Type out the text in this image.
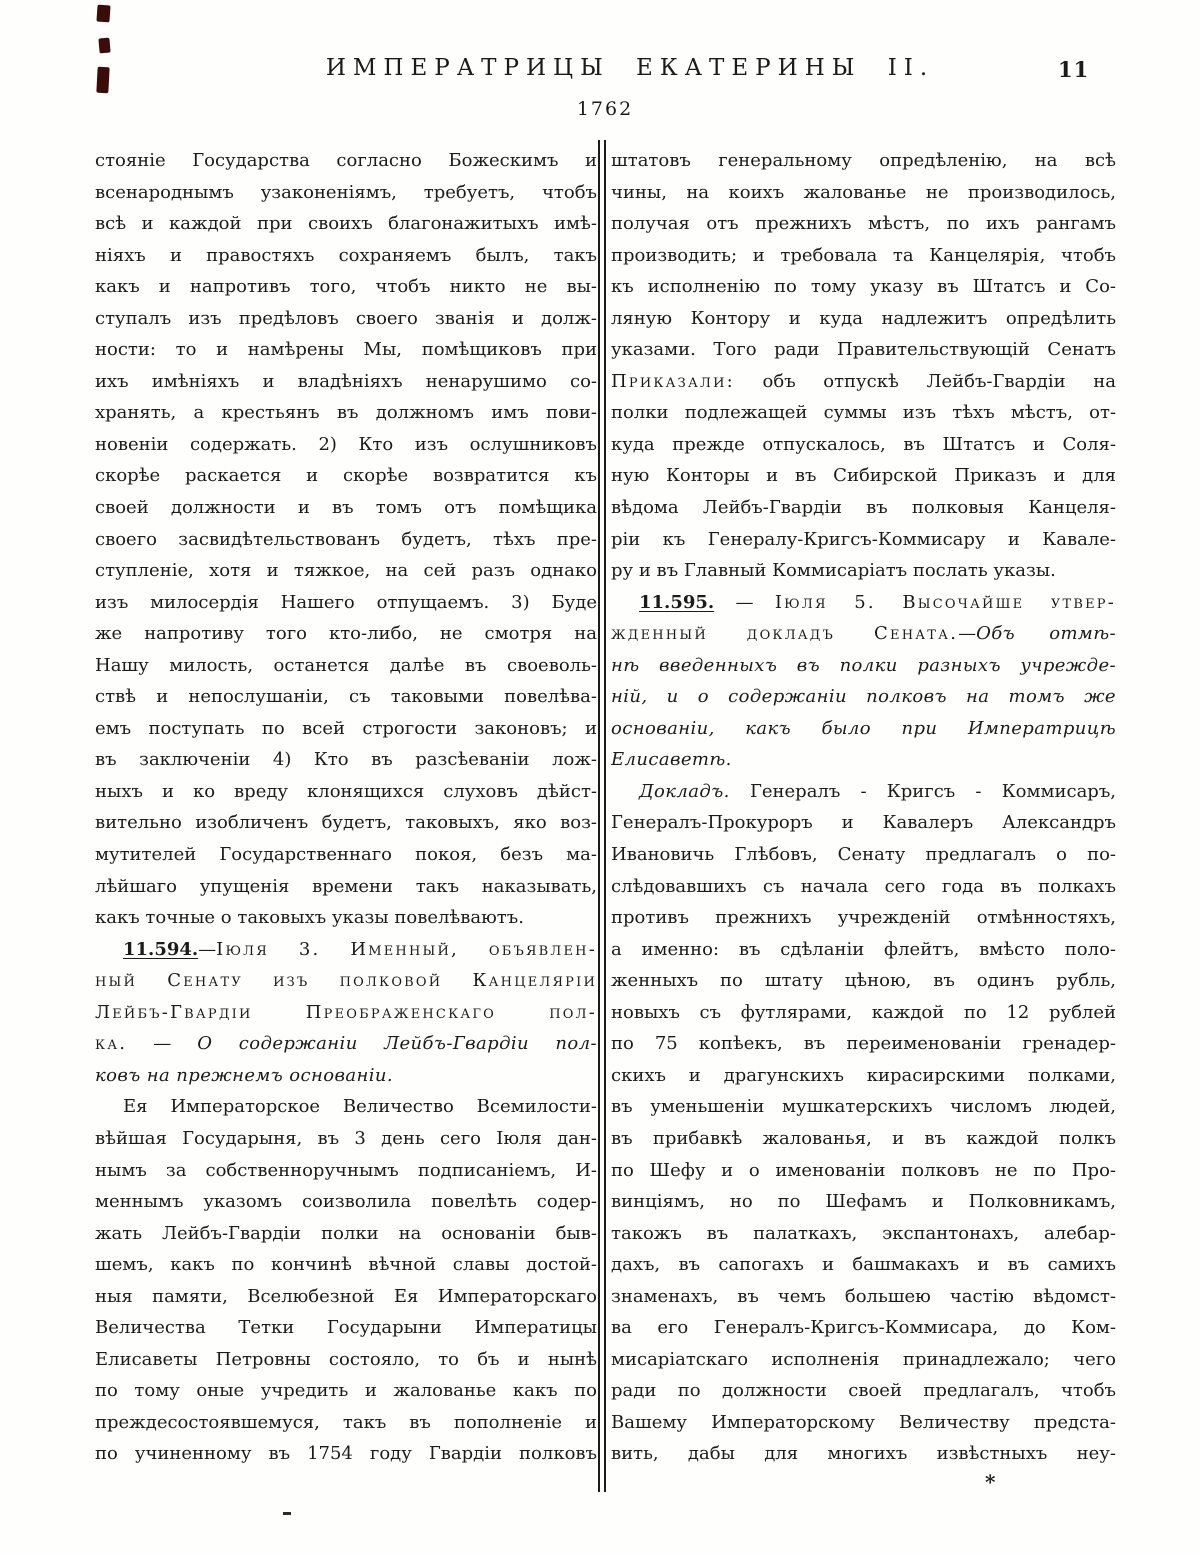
ИМПЕРАТРИЦЫ ЕКАТЕРИНЫ II.	11
1762
стояніе Государства согласно Божескимъ и
всенароднымъ узаконеніямъ, требуетъ, чтобъ
всѣ и каждой при своихъ благонажитыхъ имѣ-
ніяхъ и правостяхъ сохраняемъ былъ, такъ
какъ и напротивъ того, чтобъ никто не вы-
ступалъ изъ предѣловъ своего званія и долж-
ности: то и намѣрены Мы, помѣщиковъ при
ихъ имѣніяхъ и владѣніяхъ ненарушимо со-
хранять, а крестьянъ въ должномъ имъ пови-
новеніи содержать. 2) Кто изъ ослушниковъ
скорѣе раскается и скорѣе возвратится къ
своей должности и въ томъ отъ помѣщика
своего засвидѣтельствованъ будетъ, тѣхъ пре-
ступленіе, хотя и тяжкое, на сей разъ однако
изъ милосердія Нашего отпущаемъ. 3) Буде
же напротиву того кто-либо, не смотря на
Нашу милость, останется далѣе въ своеволь-
ствѣ и непослушаніи, съ таковыми повелѣва-
емъ поступать по всей строгости законовъ; и
въ заключеніи 4) Кто въ разсѣеваніи лож-
ныхъ и ко вреду клонящихся слуховъ дѣйст-
вительно изобличенъ будетъ, таковыхъ, яко воз-
мутителей Государственнаго покоя, безъ ма-
лѣйшаго упущенія времени такъ наказывать,
какъ точные о таковыхъ указы повелѣваютъ.
11.594.—Іюля 3. Именный, объявлен-
ный Сенату изъ полковой Канцеляріи
Лейбъ-Гвардіи Преображенскаго пол-
ка. — О содержаніи Лейбъ-Гвардіи пол-
ковъ на прежнемъ основаніи.
Ея Императорское Величество Всемилости-
вѣйшая Государыня, въ 3 день сего Іюля дан-
нымъ за собственноручнымъ подписаніемъ, И-
меннымъ указомъ соизволила повелѣть содер-
жать Лейбъ-Гвардіи полки на основаніи быв-
шемъ, какъ по кончинѣ вѣчной славы достой-
ныя памяти, Вселюбезной Ея Императорскаго
Величества Тетки Государыни Императицы
Елисаветы Петровны состояло, то бъ и нынѣ
по тому оные учредить и жалованье какъ по
преждесостоявшемуся, такъ въ пополненіе и
по учиненному въ 1754 году Гвардіи полковъ
штатовъ генеральному опредѣленію, на всѣ
чины, на коихъ жалованье не производилось,
получая отъ прежнихъ мѣстъ, по ихъ рангамъ
производить; и требовала та Канцелярія, чтобъ
къ исполненію по тому указу въ Штатсъ и Со-
ляную Контору и куда надлежитъ опредѣлить
указами. Того ради Правительствующій Сенатъ
Приказали: объ отпускѣ Лейбъ-Гвардіи на
полки подлежащей суммы изъ тѣхъ мѣстъ, от-
куда прежде отпускалось, въ Штатсъ и Соля-
ную Конторы и въ Сибирской Приказъ и для
вѣдома Лейбъ-Гвардіи въ полковыя Канцеля-
ріи къ Генералу-Кригсъ-Коммисару и Кавале-
ру и въ Главный Коммисаріатъ послать указы.
11.595. — Іюля 5. Высочайше утвер-
жденный докладъ Сената.—Объ отмѣ-
нѣ введенныхъ въ полки разныхъ учрежде-
ній, и о содержаніи полковъ на томъ же
основаніи, какъ было при Императрицѣ
Елисаветѣ.
Докладъ. Генералъ - Кригсъ - Коммисаръ,
Генералъ-Прокуроръ и Кавалеръ Александръ
Ивановичь Глѣбовъ, Сенату предлагалъ о по-
слѣдовавшихъ съ начала сего года въ полкахъ
противъ прежнихъ учрежденій отмѣнностяхъ,
а именно: въ сдѣланіи флейтъ, вмѣсто поло-
женныхъ по штату цѣною, въ одинъ рубль,
новыхъ съ футлярами, каждой по 12 рублей
по 75 копѣекъ, въ переименованіи гренадер-
скихъ и драгунскихъ кирасирскими полками,
въ уменьшеніи мушкатерскихъ числомъ людей,
въ прибавкѣ жалованья, и въ каждой полкъ
по Шефу и о именованіи полковъ не по Про-
винціямъ, но по Шефамъ и Полковникамъ,
такожъ въ палаткахъ, экспантонахъ, алебар-
дахъ, въ сапогахъ и башмакахъ и въ самихъ
знаменахъ, въ чемъ большею частію вѣдомст-
ва его Генералъ-Кригсъ-Коммисара, до Ком-
мисаріатскаго исполненія принадлежало; чего
ради по должности своей предлагалъ, чтобъ
Вашему Императорскому Величеству предста-
вить, дабы для многихъ извѣстныхъ неу-
*
